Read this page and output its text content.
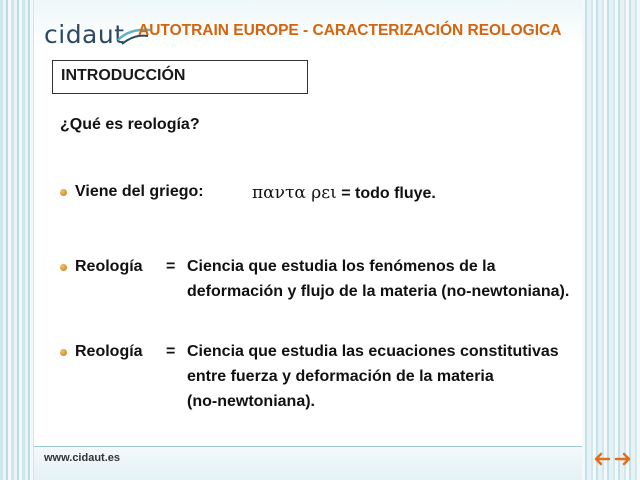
cidaut AUTOTRAIN EUROPE - CARACTERIZACIÓN REOLOGICA
INTRODUCCIÓN
¿Qué es reología?
Viene del griego:	παντα ρει = todo fluye.
Reología = Ciencia que estudia los fenómenos de la
deformación y flujo de la materia (no-newtoniana).
Reología = Ciencia que estudia las ecuaciones constitutivas
entre fuerza y deformación de la materia
(no-newtoniana).
www.cidaut.es
